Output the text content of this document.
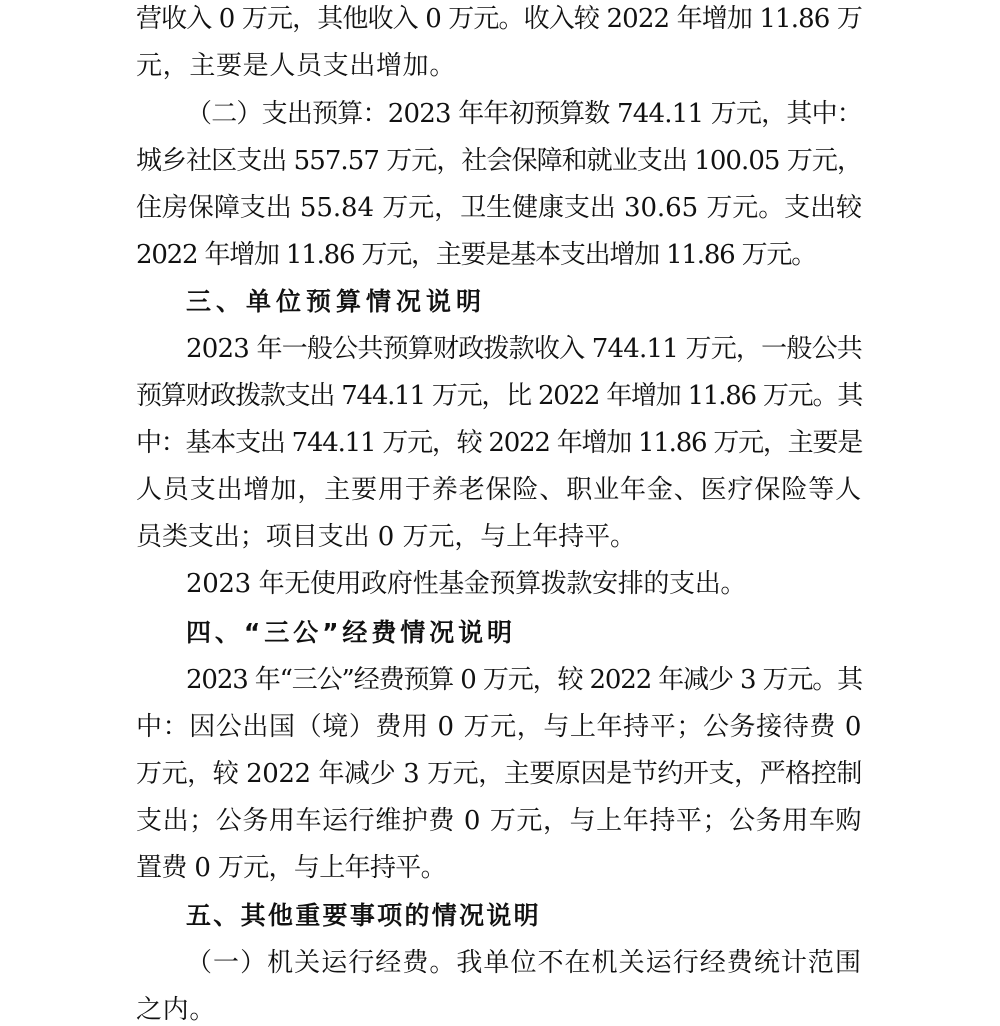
营收入 0 万元，其他收入 0 万元。收入较 2022 年增加 11.86 万
元，主要是人员支出增加。
（二）支出预算：2023 年年初预算数 744.11 万元，其中：
城乡社区支出 557.57 万元，社会保障和就业支出 100.05 万元，
住房保障支出 55.84 万元，卫生健康支出 30.65 万元。支出较
2022 年增加 11.86 万元，主要是基本支出增加 11.86 万元。
三、单位预算情况说明
2023 年一般公共预算财政拨款收入 744.11 万元，一般公共
预算财政拨款支出 744.11 万元，比 2022 年增加 11.86 万元。其
中：基本支出 744.11 万元，较 2022 年增加 11.86 万元，主要是
人员支出增加，主要用于养老保险、职业年金、医疗保险等人
员类支出；项目支出 0 万元，与上年持平。
2023 年无使用政府性基金预算拨款安排的支出。
四、“三公”经费情况说明
2023 年“三公”经费预算 0 万元，较 2022 年减少 3 万元。其
中：因公出国（境）费用 0 万元，与上年持平；公务接待费 0
万元，较 2022 年减少 3 万元，主要原因是节约开支，严格控制
支出；公务用车运行维护费 0 万元，与上年持平；公务用车购
置费 0 万元，与上年持平。
五、其他重要事项的情况说明
（一）机关运行经费。我单位不在机关运行经费统计范围
之内。
